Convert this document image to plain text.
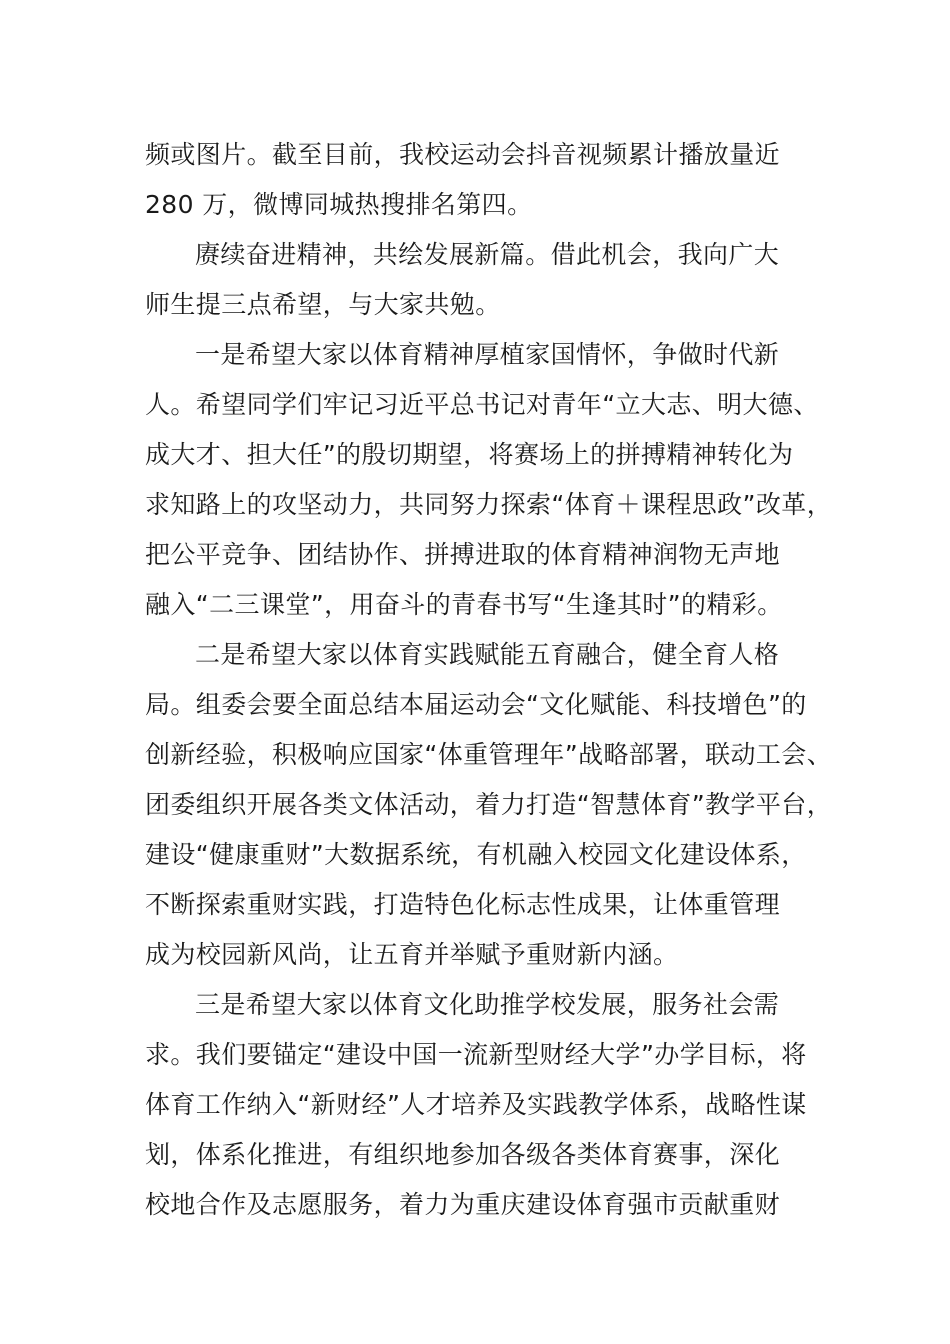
频或图片。截至目前，我校运动会抖音视频累计播放量近
280 万，微博同城热搜排名第四。
赓续奋进精神，共绘发展新篇。借此机会，我向广大
师生提三点希望，与大家共勉。
一是希望大家以体育精神厚植家国情怀，争做时代新
人。希望同学们牢记习近平总书记对青年“立大志、明大德、
成大才、担大任”的殷切期望，将赛场上的拼搏精神转化为
求知路上的攻坚动力，共同努力探索“体育＋课程思政”改革，
把公平竞争、团结协作、拼搏进取的体育精神润物无声地
融入“二三课堂”，用奋斗的青春书写“生逢其时”的精彩。
二是希望大家以体育实践赋能五育融合，健全育人格
局。组委会要全面总结本届运动会“文化赋能、科技增色”的
创新经验，积极响应国家“体重管理年”战略部署，联动工会、
团委组织开展各类文体活动，着力打造“智慧体育”教学平台，
建设“健康重财”大数据系统，有机融入校园文化建设体系，
不断探索重财实践，打造特色化标志性成果，让体重管理
成为校园新风尚，让五育并举赋予重财新内涵。
三是希望大家以体育文化助推学校发展，服务社会需
求。我们要锚定“建设中国一流新型财经大学”办学目标，将
体育工作纳入“新财经”人才培养及实践教学体系，战略性谋
划，体系化推进，有组织地参加各级各类体育赛事，深化
校地合作及志愿服务，着力为重庆建设体育强市贡献重财
